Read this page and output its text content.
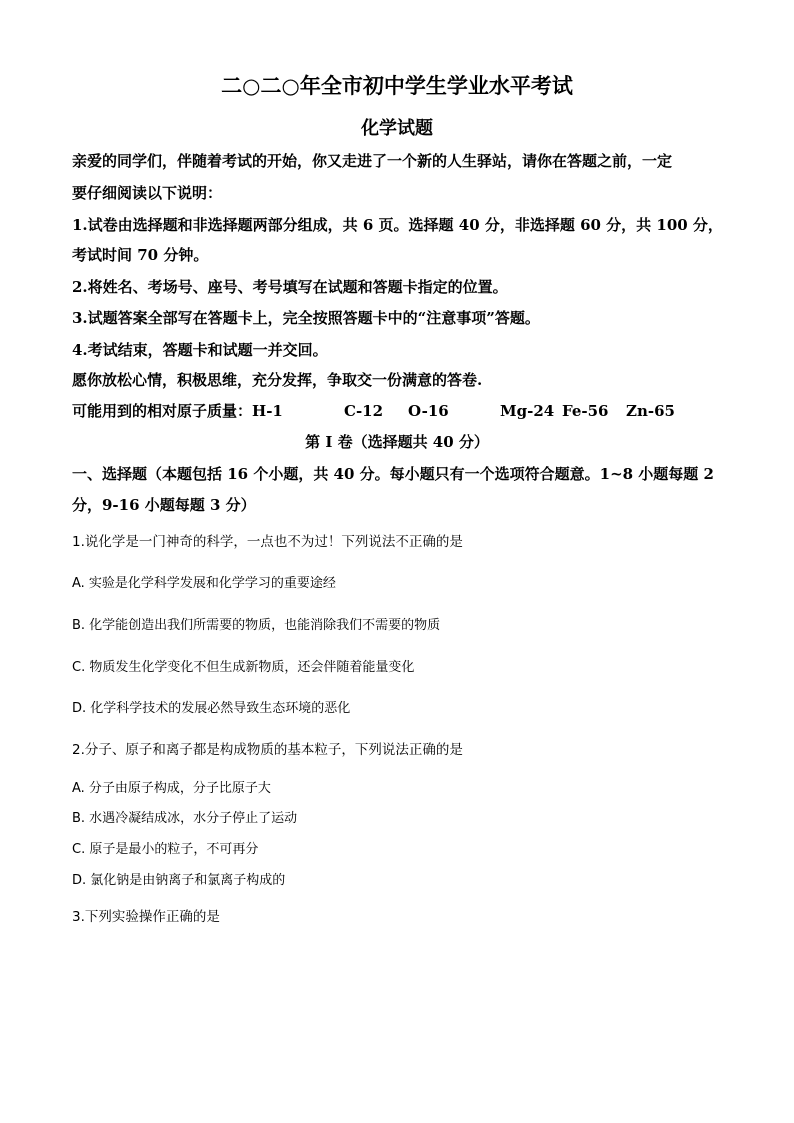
二○二○年全市初中学生学业水平考试
化学试题
亲爱的同学们，伴随着考试的开始，你又走进了一个新的人生驿站，请你在答题之前，一定
要仔细阅读以下说明：
1.试卷由选择题和非选择题两部分组成，共 6 页。选择题 40 分，非选择题 60 分，共 100 分，
考试时间 70 分钟。
2.将姓名、考场号、座号、考号填写在试题和答题卡指定的位置。
3.试题答案全部写在答题卡上，完全按照答题卡中的“注意事项”答题。
4.考试结束，答题卡和试题一并交回。
愿你放松心情，积极思维，充分发挥，争取交一份满意的答卷.
可能用到的相对原子质量：H-1	C-12 O-16	Mg-24 Fe-56 Zn-65
第 I 卷（选择题共 40 分）
一、选择题（本题包括 16 个小题，共 40 分。每小题只有一个选项符合题意。1~8 小题每题 2
分，9-16 小题每题 3 分）
1.说化学是一门神奇的科学，一点也不为过！下列说法不正确的是
A. 实验是化学科学发展和化学学习的重要途经
B. 化学能创造出我们所需要的物质，也能消除我们不需要的物质
C. 物质发生化学变化不但生成新物质，还会伴随着能量变化
D. 化学科学技术的发展必然导致生态环境的恶化
2.分子、原子和离子都是构成物质的基本粒子，下列说法正确的是
A. 分子由原子构成，分子比原子大
B. 水遇冷凝结成冰，水分子停止了运动
C. 原子是最小的粒子，不可再分
D. 氯化钠是由钠离子和氯离子构成的
3.下列实验操作正确的是
